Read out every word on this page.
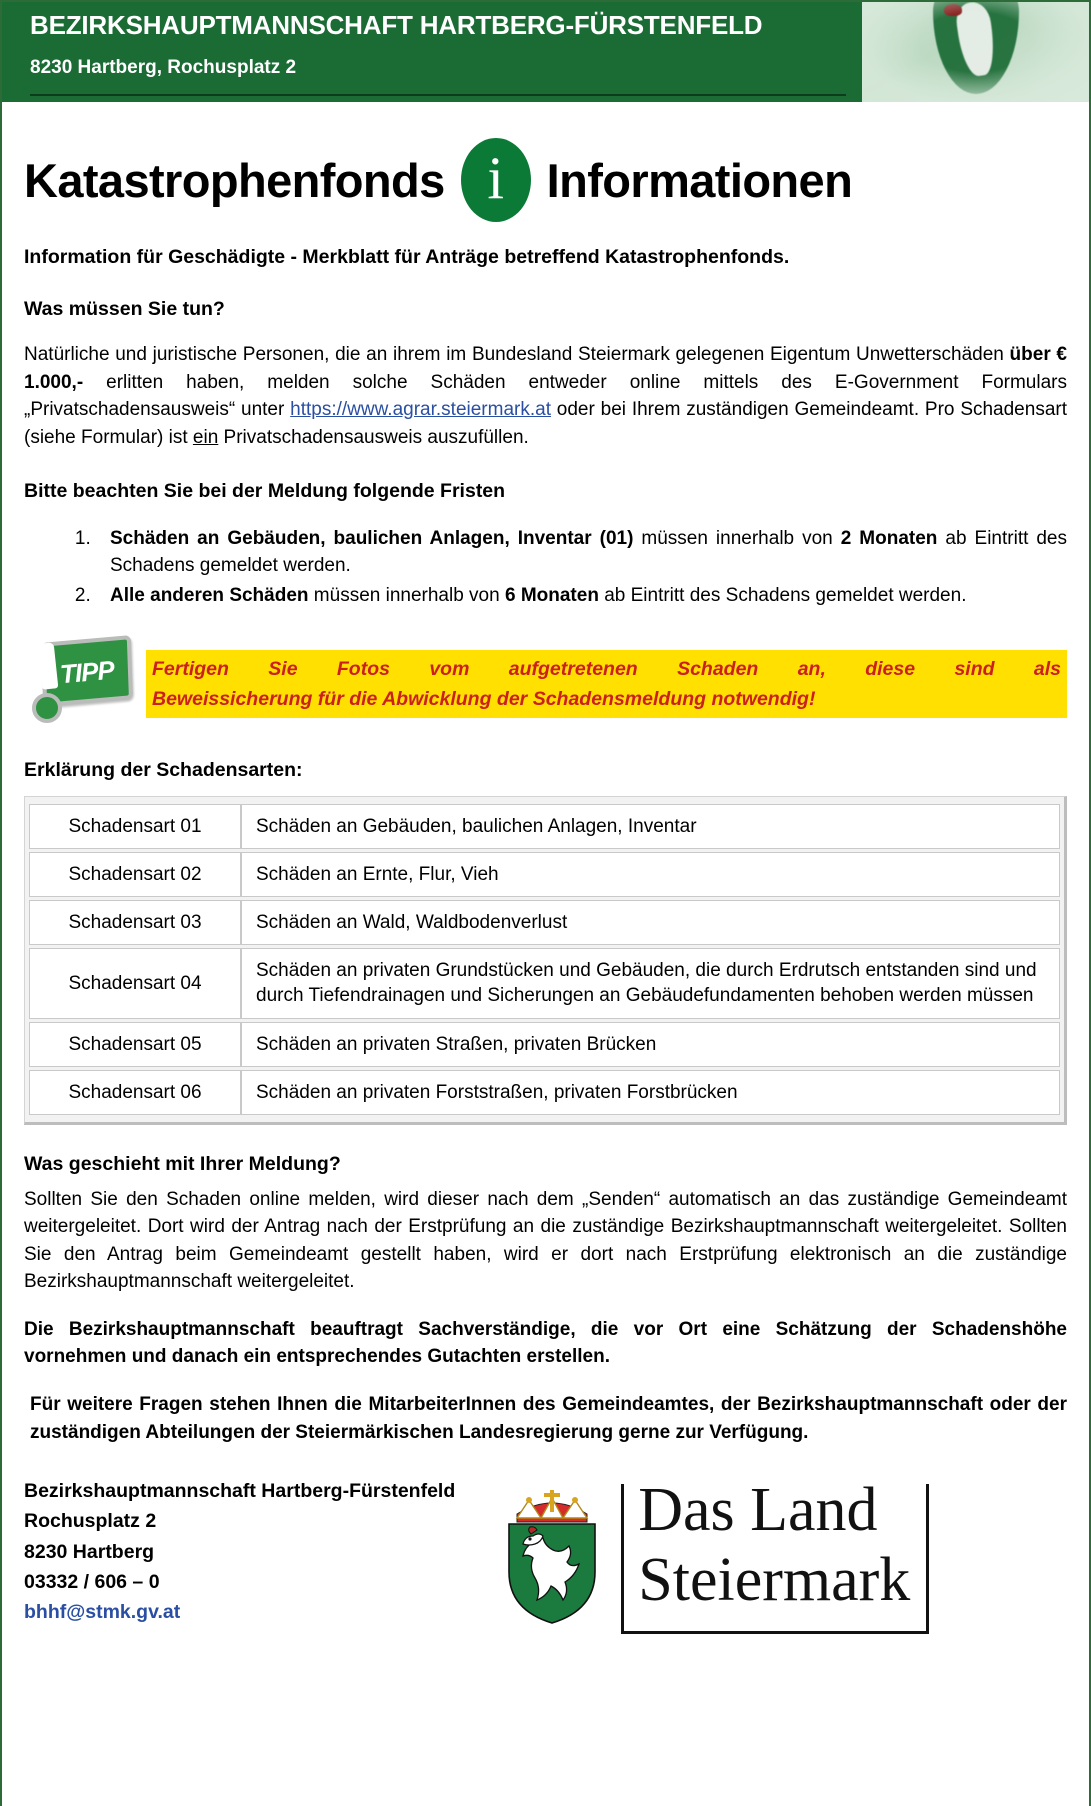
BEZIRKSHAUPTMANNSCHAFT HARTBERG-FÜRSTENFELD
8230 Hartberg, Rochusplatz 2
Katastrophenfonds i Informationen
Information für Geschädigte - Merkblatt für Anträge betreffend Katastrophenfonds.
Was müssen Sie tun?

Natürliche und juristische Personen, die an ihrem im Bundesland Steiermark gelegenen Eigentum Unwetterschäden über € 1.000,- erlitten haben, melden solche Schäden entweder online mittels des E-Government Formulars „Privatschadensausweis“ unter https://www.agrar.steiermark.at oder bei Ihrem zuständigen Gemeindeamt. Pro Schadensart (siehe Formular) ist ein Privatschadensausweis auszufüllen.

Bitte beachten Sie bei der Meldung folgende Fristen
1. Schäden an Gebäuden, baulichen Anlagen, Inventar (01) müssen innerhalb von 2 Monaten ab Eintritt des Schadens gemeldet werden.
2. Alle anderen Schäden müssen innerhalb von 6 Monaten ab Eintritt des Schadens gemeldet werden.
TIPP Fertigen Sie Fotos vom aufgetretenen Schaden an, diese sind als
Beweissicherung für die Abwicklung der Schadensmeldung notwendig!
Erklärung der Schadensarten:
Schadensart 01	Schäden an Gebäuden, baulichen Anlagen, Inventar
Schadensart 02	Schäden an Ernte, Flur, Vieh
Schadensart 03	Schäden an Wald, Waldbodenverlust
Schadensart 04	Schäden an privaten Grundstücken und Gebäuden, die durch Erdrutsch entstanden sind und durch Tiefendrainagen und Sicherungen an Gebäudefundamenten behoben werden müssen
Schadensart 05	Schäden an privaten Straßen, privaten Brücken
Schadensart 06	Schäden an privaten Forststraßen, privaten Forstbrücken
Was geschieht mit Ihrer Meldung?

Sollten Sie den Schaden online melden, wird dieser nach dem „Senden“ automatisch an das zuständige Gemeindeamt weitergeleitet. Dort wird der Antrag nach der Erstprüfung an die zuständige Bezirkshauptmannschaft weitergeleitet. Sollten Sie den Antrag beim Gemeindeamt gestellt haben, wird er dort nach Erstprüfung elektronisch an die zuständige Bezirkshauptmannschaft weitergeleitet.

Die Bezirkshauptmannschaft beauftragt Sachverständige, die vor Ort eine Schätzung der Schadenshöhe vornehmen und danach ein entsprechendes Gutachten erstellen.

Für weitere Fragen stehen Ihnen die MitarbeiterInnen des Gemeindeamtes, der Bezirkshauptmannschaft oder der zuständigen Abteilungen der Steiermärkischen Landesregierung gerne zur Verfügung.

Bezirkshauptmannschaft Hartberg-Fürstenfeld
Rochusplatz 2
8230 Hartberg
03332 / 606 – 0
bhhf@stmk.gv.at
Das Land
Steiermark
